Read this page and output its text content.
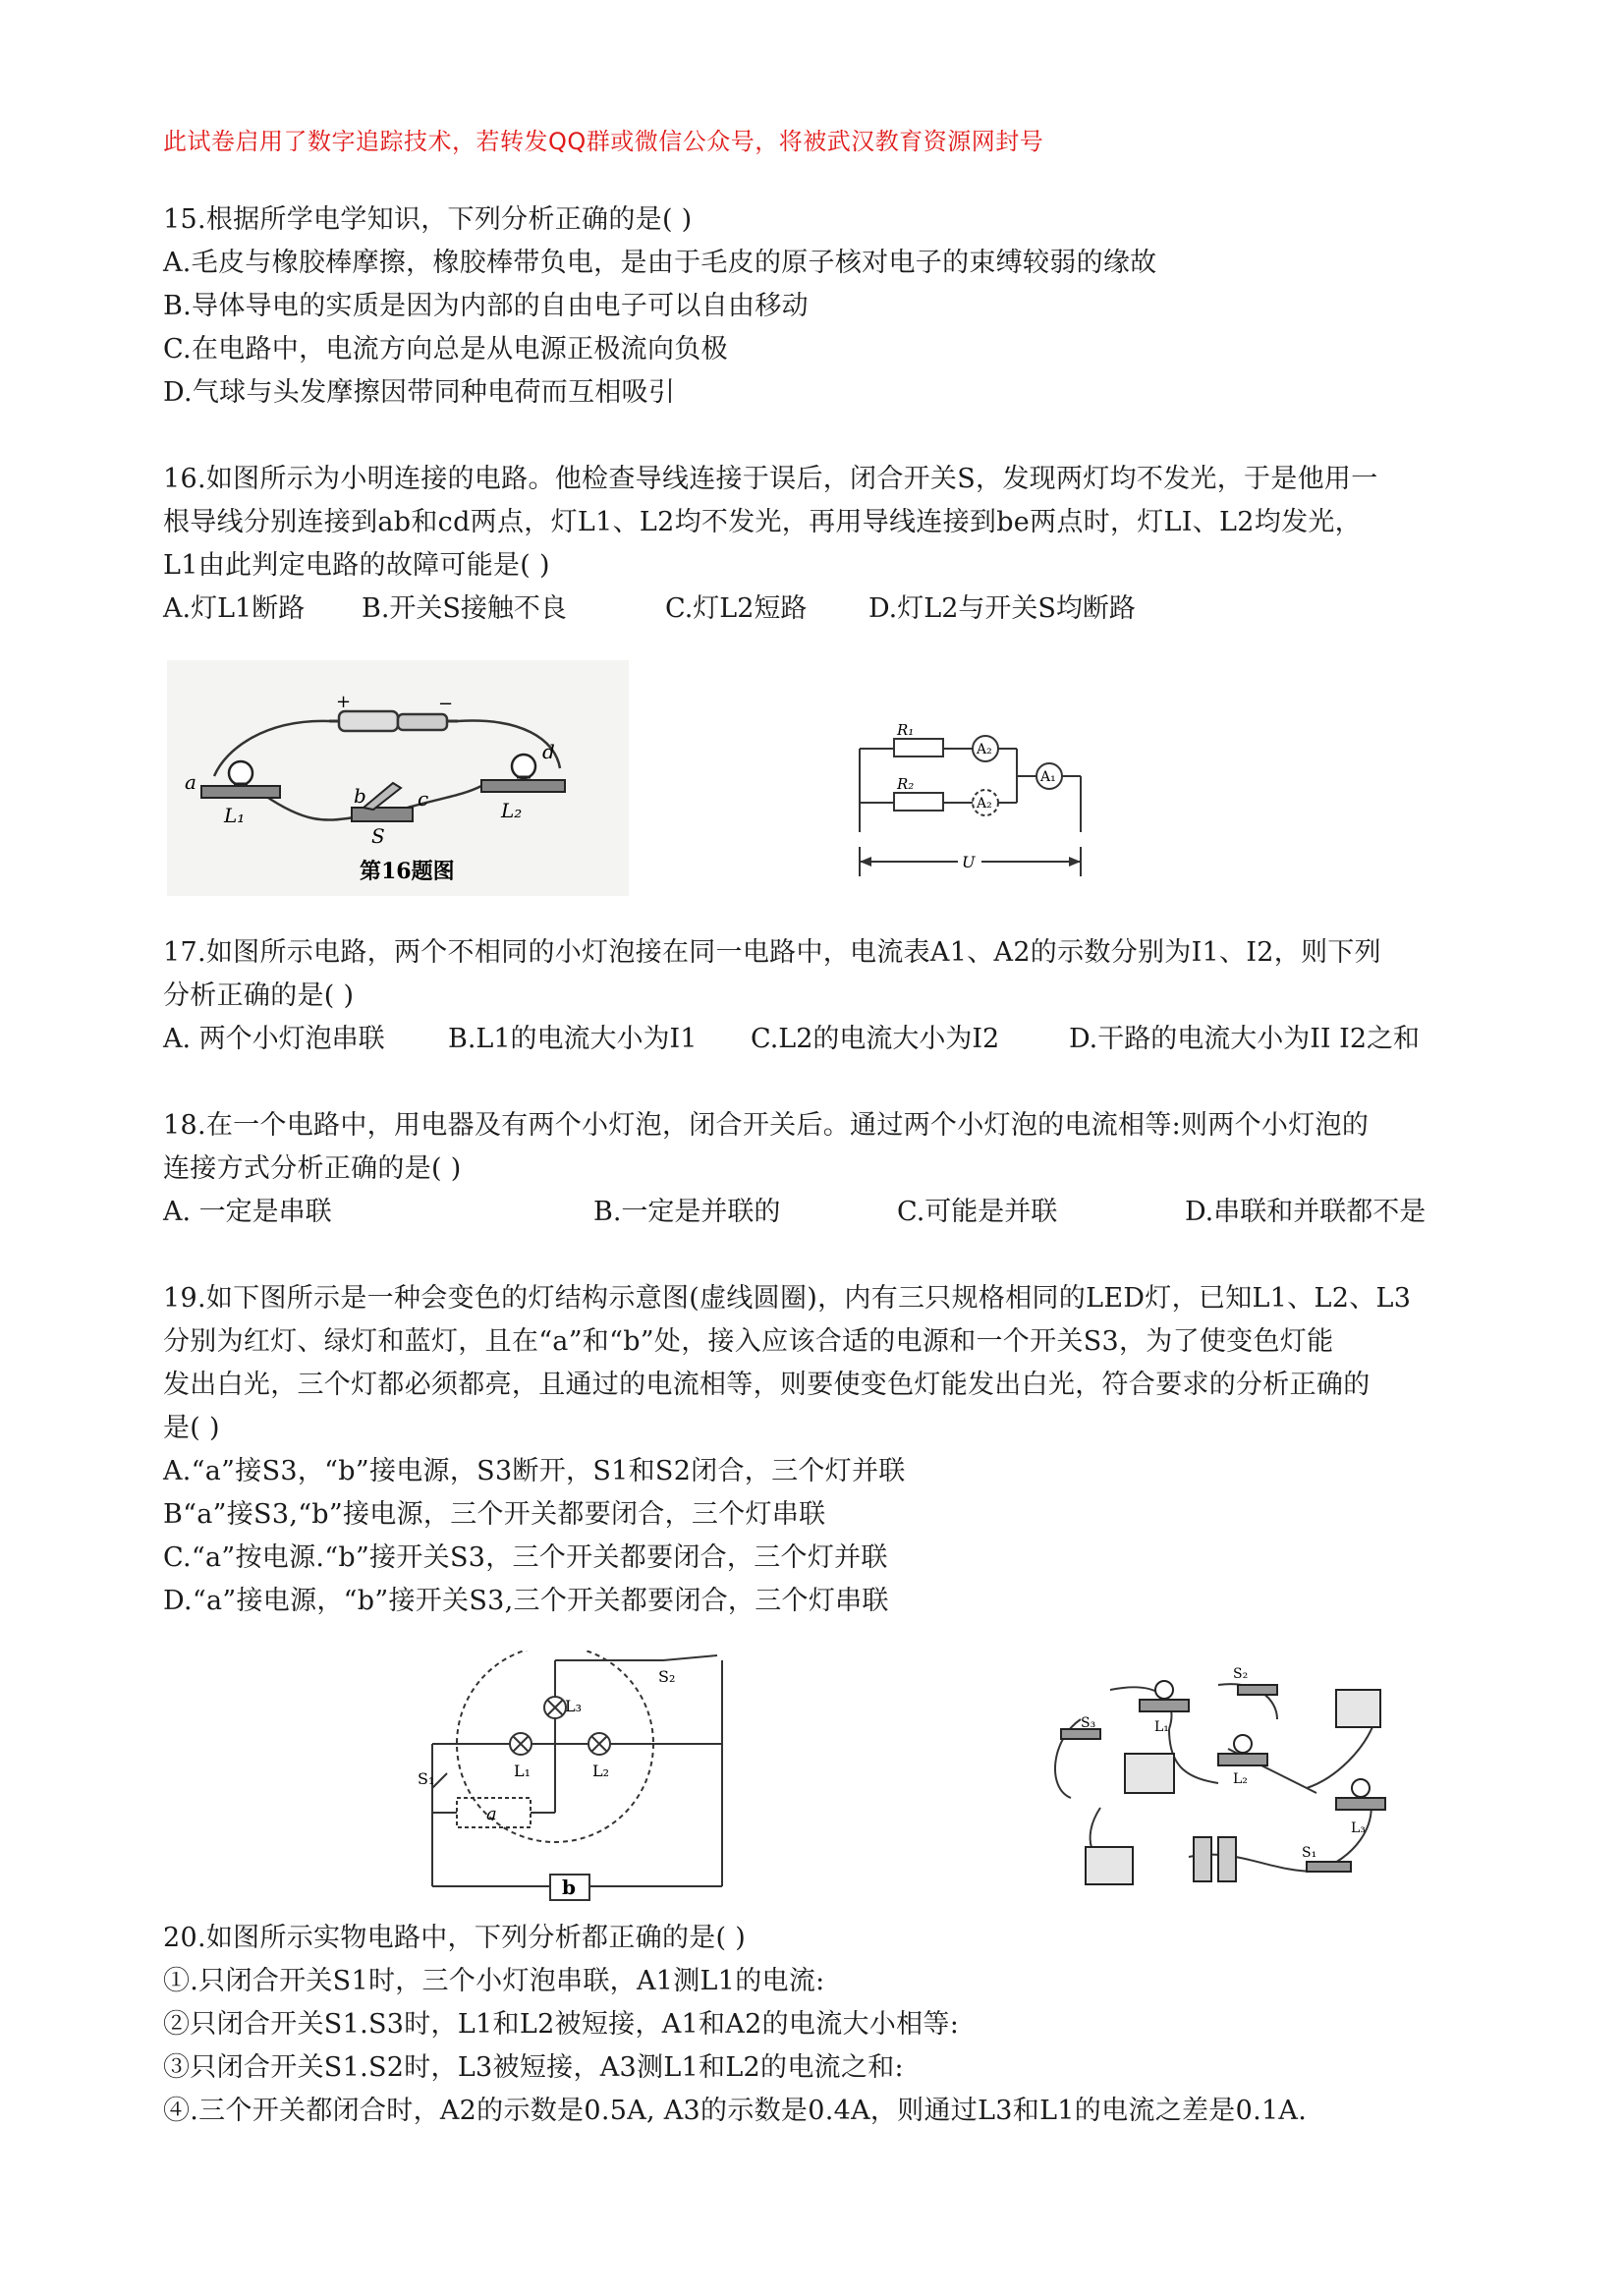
此试卷启用了数字追踪技术，若转发QQ群或微信公众号，将被武汉教育资源网封号
15.根据所学电学知识，下列分析正确的是( )
A.毛皮与橡胶棒摩擦，橡胶棒带负电，是由于毛皮的原子核对电子的束缚较弱的缘故
B.导体导电的实质是因为内部的自由电子可以自由移动
C.在电路中，电流方向总是从电源正极流向负极
D.气球与头发摩擦因带同种电荷而互相吸引
16.如图所示为小明连接的电路。他检查导线连接于误后，闭合开关S，发现两灯均不发光，于是他用一
根导线分别连接到ab和cd两点，灯L1、L2均不发光，再用导线连接到be两点时，灯LI、L2均发光，
L1由此判定电路的故障可能是( )
A.灯L1断路 B.开关S接触不良	C.灯L2短路 D.灯L2与开关S均断路
+	−
a
L₁
b	c
d
L₂
S
第16题图
R₁
R₂
A₂
A₂
A₁
U
17.如图所示电路，两个不相同的小灯泡接在同一电路中，电流表A1、A2的示数分别为I1、I2，则下列
分析正确的是( )
A. 两个小灯泡串联 B.L1的电流大小为I1 C.L2的电流大小为I2	D.干路的电流大小为II I2之和
18.在一个电路中，用电器及有两个小灯泡，闭合开关后。通过两个小灯泡的电流相等:则两个小灯泡的
连接方式分析正确的是( )
A. 一定是串联	B.一定是并联的	C.可能是并联	D.串联和并联都不是
19.如下图所示是一种会变色的灯结构示意图(虚线圆圈)，内有三只规格相同的LED灯，已知L1、L2、L3
分别为红灯、绿灯和蓝灯，且在“a”和“b”处，接入应该合适的电源和一个开关S3，为了使变色灯能
发出白光，三个灯都必须都亮，且通过的电流相等，则要使变色灯能发出白光，符合要求的分析正确的
是( )
A.“a”接S3，“b”接电源，S3断开，S1和S2闭合，三个灯并联
B“a”接S3,“b”接电源，三个开关都要闭合，三个灯串联
C.“a”按电源.“b”接开关S3，三个开关都要闭合，三个灯并联
D.“a”接电源，“b”接开关S3,三个开关都要闭合，三个灯串联
L₃
L₁	L₂
S₂
S₁
a
b
L₁
L₂
L₃
S₁
S₂
S₃
20.如图所示实物电路中，下列分析都正确的是( )
①.只闭合开关S1时，三个小灯泡串联，A1测L1的电流:
②只闭合开关S1.S3时，L1和L2被短接，A1和A2的电流大小相等:
③只闭合开关S1.S2时，L3被短接，A3测L1和L2的电流之和:
④.三个开关都闭合时，A2的示数是0.5A, A3的示数是0.4A，则通过L3和L1的电流之差是0.1A.
